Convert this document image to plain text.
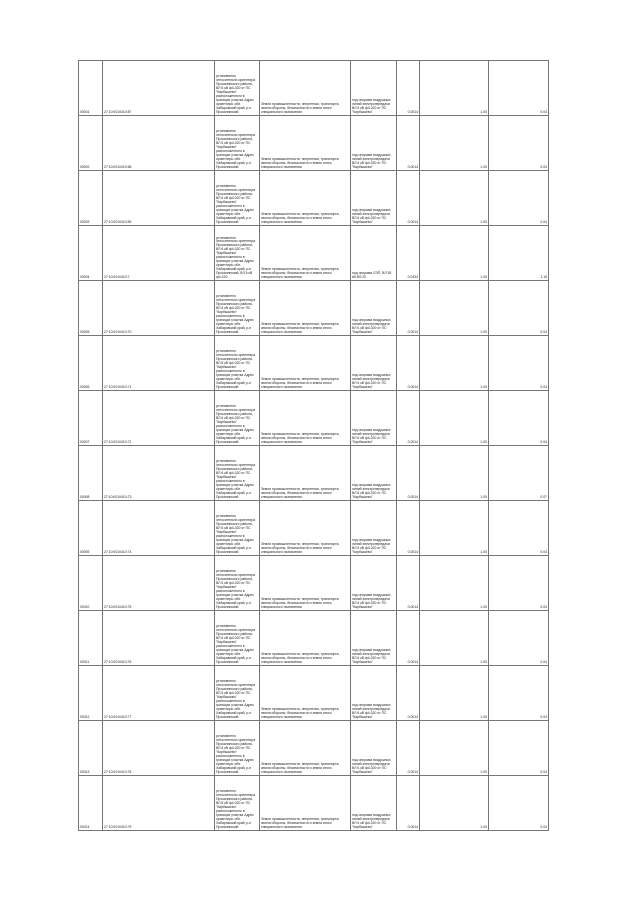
00001	27:10:0010410:87	установлено относительно ориентира Прокалинского района, ВЛ 6 кВ ф4-020 от ПС "Карбышево" расположенного в границах участка Адрес ориентира: обл. Хабаровский край, р-н Прокалинский	Земли промышленности, энергетики, транспорта, земли обороны, безопасности и земли иного специального назначения	под опорами воздушных линий электропередачи ВЛ 6 кВ ф4-020 от ПС "Карбышево"	0.0014	1.00	0.04
00002	27:10:0010410:68	установлено относительно ориентира Прокалинского района, ВЛ 6 кВ ф4-020 от ПС "Карбышево" расположенного в границах участка Адрес ориентира: обл. Хабаровский край, р-н Прокалинский	Земли промышленности, энергетики, транспорта, земли обороны, безопасности и земли иного специального назначения	под опорами воздушных линий электропередачи ВЛ 6 кВ ф4-020 от ПС "Карбышево"	0.0014	1.00	0.04
00003	27:10:0010410:69	установлено относительно ориентира Прокалинского района, ВЛ 6 кВ ф4-020 от ПС "Карбышево" расположенного в границах участка Адрес ориентира: обл. Хабаровский край, р-н Прокалинский	Земли промышленности, энергетики, транспорта, земли обороны, безопасности и земли иного специального назначения	под опорами воздушных линий электропередачи ВЛ 6 кВ ф4-020 от ПС "Карбышево"	0.0014	1.00	0.04
00004	27:10:0010410:7	установлено относительно ориентира Прокалинского района, ВЛ 6 кВ ф4-020 от ПС "Карбышево" расположенного в границах участка Адрес ориентира: обл. Хабаровский край, р-н Прокалинский, ВЛ 6 кВ ф4-020	Земли промышленности, энергетики, транспорта, земли обороны, безопасности и земли иного специального назначения	под опорами ЛЭП, ВЛ 35 кВ ВЛ-20	0.0434	1.00	1.15
00005	27:10:0010410:70	установлено относительно ориентира Прокалинского района, ВЛ 6 кВ ф4-020 от ПС "Карбышево" расположенного в границах участка Адрес ориентира: обл. Хабаровский край, р-н Прокалинский	Земли промышленности, энергетики, транспорта, земли обороны, безопасности и земли иного специального назначения	под опорами воздушных линий электропередачи ВЛ 6 кВ ф4-020 от ПС "Карбышево"	0.0014	1.00	0.04
00006	27:10:0010410:71	установлено относительно ориентира Прокалинского района, ВЛ 6 кВ ф4-020 от ПС "Карбышево" расположенного в границах участка Адрес ориентира: обл. Хабаровский край, р-н Прокалинский	Земли промышленности, энергетики, транспорта, земли обороны, безопасности и земли иного специального назначения	под опорами воздушных линий электропередачи ВЛ 6 кВ ф4-020 от ПС "Карбышево"	0.0014	1.00	0.04
00007	27:10:0010410:72	установлено относительно ориентира Прокалинского района, ВЛ 6 кВ ф4-020 от ПС "Карбышево" расположенного в границах участка Адрес ориентира: обл. Хабаровский край, р-н Прокалинский	Земли промышленности, энергетики, транспорта, земли обороны, безопасности и земли иного специального назначения	под опорами воздушных линий электропередачи ВЛ 6 кВ ф4-020 от ПС "Карбышево"	0.0014	1.00	0.04
00008	27:10:0010410:73	установлено относительно ориентира Прокалинского района, ВЛ 6 кВ ф4-020 от ПС "Карбышево" расположенного в границах участка Адрес ориентира: обл. Хабаровский край, р-н Прокалинский	Земли промышленности, энергетики, транспорта, земли обороны, безопасности и земли иного специального назначения	под опорами воздушных линий электропередачи ВЛ 6 кВ ф4-020 от ПС "Карбышево"	0.0014	1.00	0.07
00009	27:10:0010410:74	установлено относительно ориентира Прокалинского района, ВЛ 6 кВ ф4-020 от ПС "Карбышево" расположенного в границах участка Адрес ориентира: обл. Хабаровский край, р-н Прокалинский	Земли промышленности, энергетики, транспорта, земли обороны, безопасности и земли иного специального назначения	под опорами воздушных линий электропередачи ВЛ 6 кВ ф4-020 от ПС "Карбышево"	0.0014	1.00	0.04
00010	27:10:0010410:75	установлено относительно ориентира Прокалинского района, ВЛ 6 кВ ф4-020 от ПС "Карбышево" расположенного в границах участка Адрес ориентира: обл. Хабаровский край, р-н Прокалинский	Земли промышленности, энергетики, транспорта, земли обороны, безопасности и земли иного специального назначения	под опорами воздушных линий электропередачи ВЛ 6 кВ ф4-020 от ПС "Карбышево"	0.0014	1.00	0.04
00011	27:10:0010410:76	установлено относительно ориентира Прокалинского района, ВЛ 6 кВ ф4-020 от ПС "Карбышево" расположенного в границах участка Адрес ориентира: обл. Хабаровский край, р-н Прокалинский	Земли промышленности, энергетики, транспорта, земли обороны, безопасности и земли иного специального назначения	под опорами воздушных линий электропередачи ВЛ 6 кВ ф4-020 от ПС "Карбышево"	0.0014	1.00	0.04
00012	27:10:0010410:77	установлено относительно ориентира Прокалинского района, ВЛ 6 кВ ф4-020 от ПС "Карбышево" расположенного в границах участка Адрес ориентира: обл. Хабаровский край, р-н Прокалинский	Земли промышленности, энергетики, транспорта, земли обороны, безопасности и земли иного специального назначения	под опорами воздушных линий электропередачи ВЛ 6 кВ ф4-020 от ПС "Карбышево"	0.0014	1.00	0.04
00013	27:10:0010410:78	установлено относительно ориентира Прокалинского района, ВЛ 6 кВ ф4-020 от ПС "Карбышево" расположенного в границах участка Адрес ориентира: обл. Хабаровский край, р-н Прокалинский	Земли промышленности, энергетики, транспорта, земли обороны, безопасности и земли иного специального назначения	под опорами воздушных линий электропередачи ВЛ 6 кВ ф4-020 от ПС "Карбышево"	0.0014	1.00	0.04
00014	27:10:0010410:79	установлено относительно ориентира Прокалинского района, ВЛ 6 кВ ф4-020 от ПС "Карбышево" расположенного в границах участка Адрес ориентира: обл. Хабаровский край, р-н Прокалинский	Земли промышленности, энергетики, транспорта, земли обороны, безопасности и земли иного специального назначения	под опорами воздушных линий электропередачи ВЛ 6 кВ ф4-020 от ПС "Карбышево"	0.0014	1.00	0.04
